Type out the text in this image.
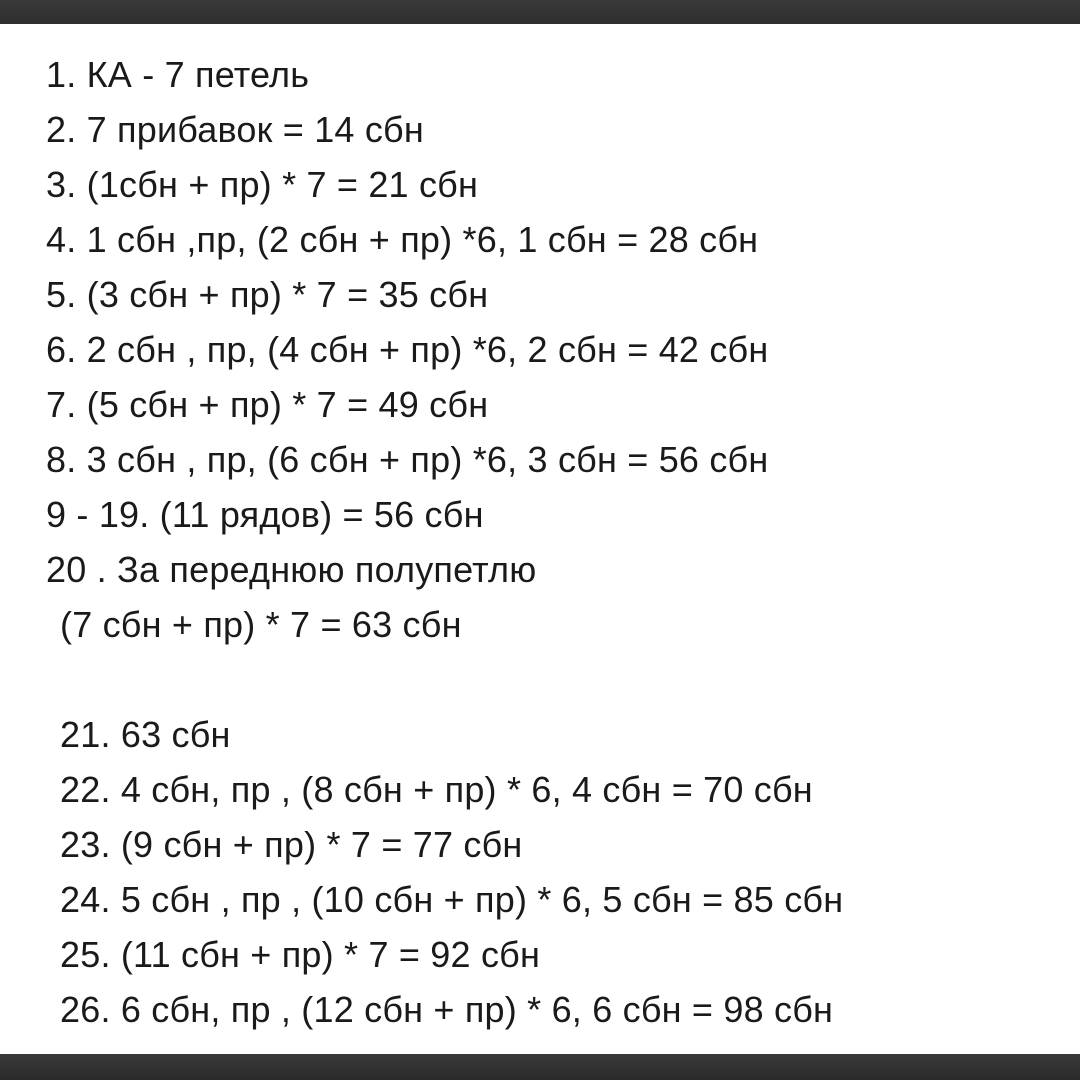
1. КА - 7 петель
2. 7 прибавок = 14 сбн
3. (1сбн + пр) * 7 = 21 сбн
4. 1 сбн ,пр, (2 сбн + пр) *6, 1 сбн = 28 сбн
5. (3 сбн + пр) * 7 = 35 сбн
6. 2 сбн , пр, (4 сбн + пр) *6, 2 сбн = 42 сбн
7. (5 сбн + пр) * 7 = 49 сбн
8. 3 сбн , пр, (6 сбн + пр) *6, 3 сбн = 56 сбн
9 - 19. (11 рядов) = 56 сбн
20 . За переднюю полупетлю
(7 сбн + пр) * 7 = 63 сбн
21. 63 сбн
22. 4 сбн, пр , (8 сбн + пр) * 6, 4 сбн = 70 сбн
23. (9 сбн + пр) * 7 = 77 сбн
24. 5 сбн , пр , (10 сбн + пр) * 6, 5 сбн = 85 сбн
25. (11 сбн + пр) * 7 = 92 сбн
26. 6 сбн, пр , (12 сбн + пр) * 6, 6 сбн = 98 сбн
